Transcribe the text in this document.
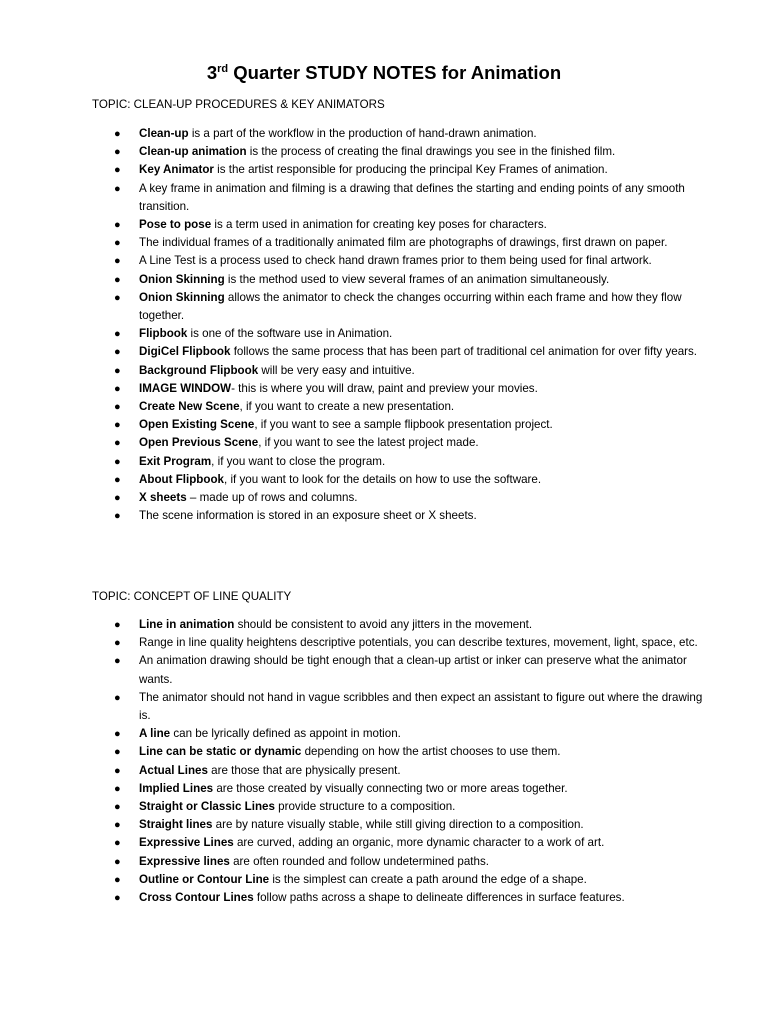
3rd Quarter STUDY NOTES for Animation
TOPIC: CLEAN-UP PROCEDURES & KEY ANIMATORS
● Clean-up is a part of the workflow in the production of hand-drawn animation.
● Clean-up animation is the process of creating the final drawings you see in the finished film.
● Key Animator is the artist responsible for producing the principal Key Frames of animation.
● A key frame in animation and filming is a drawing that defines the starting and ending points of any smooth transition.
● Pose to pose is a term used in animation for creating key poses for characters.
● The individual frames of a traditionally animated film are photographs of drawings, first drawn on paper.
● A Line Test is a process used to check hand drawn frames prior to them being used for final artwork.
● Onion Skinning is the method used to view several frames of an animation simultaneously.
● Onion Skinning allows the animator to check the changes occurring within each frame and how they flow together.
● Flipbook is one of the software use in Animation.
● DigiCel Flipbook follows the same process that has been part of traditional cel animation for over fifty years.
● Background Flipbook will be very easy and intuitive.
● IMAGE WINDOW- this is where you will draw, paint and preview your movies.
● Create New Scene, if you want to create a new presentation.
● Open Existing Scene, if you want to see a sample flipbook presentation project.
● Open Previous Scene, if you want to see the latest project made.
● Exit Program, if you want to close the program.
● About Flipbook, if you want to look for the details on how to use the software.
● X sheets – made up of rows and columns.
● The scene information is stored in an exposure sheet or X sheets.
TOPIC: CONCEPT OF LINE QUALITY
● Line in animation should be consistent to avoid any jitters in the movement.
● Range in line quality heightens descriptive potentials, you can describe textures, movement, light, space, etc.
● An animation drawing should be tight enough that a clean-up artist or inker can preserve what the animator wants.
● The animator should not hand in vague scribbles and then expect an assistant to figure out where the drawing is.
● A line can be lyrically defined as appoint in motion.
● Line can be static or dynamic depending on how the artist chooses to use them.
● Actual Lines are those that are physically present.
● Implied Lines are those created by visually connecting two or more areas together.
● Straight or Classic Lines provide structure to a composition.
● Straight lines are by nature visually stable, while still giving direction to a composition.
● Expressive Lines are curved, adding an organic, more dynamic character to a work of art.
● Expressive lines are often rounded and follow undetermined paths.
● Outline or Contour Line is the simplest can create a path around the edge of a shape.
● Cross Contour Lines follow paths across a shape to delineate differences in surface features.
